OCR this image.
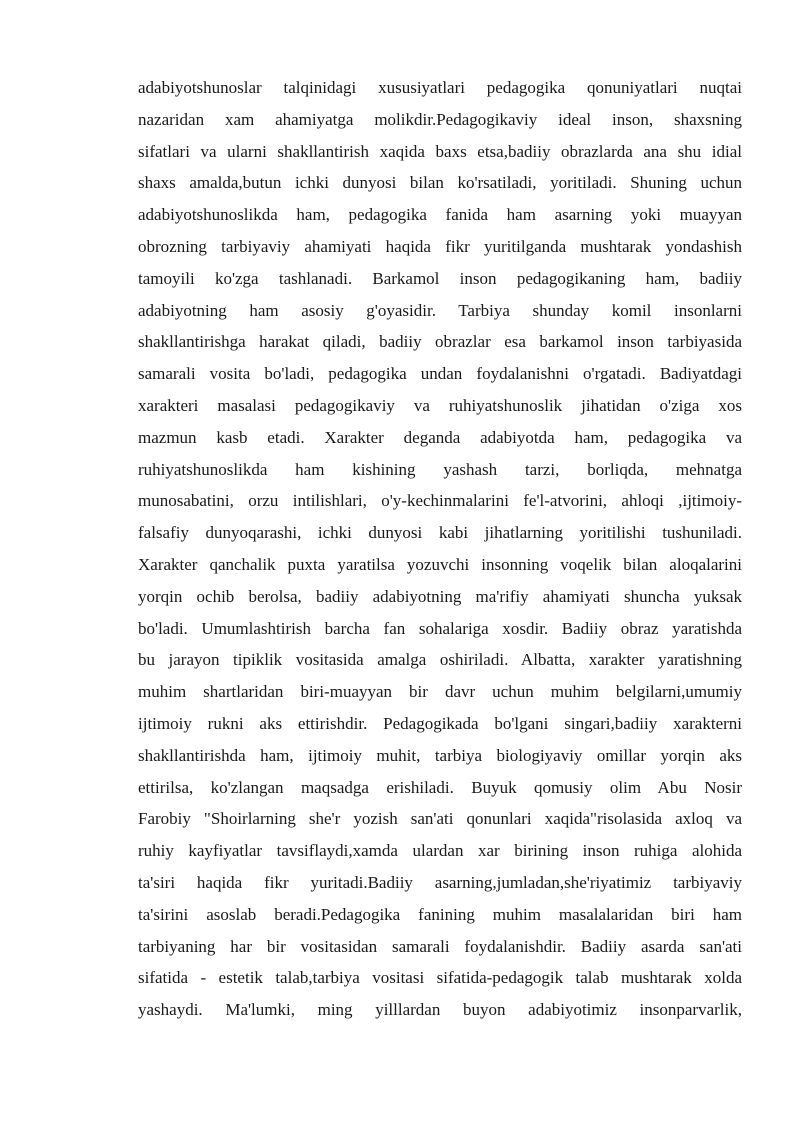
adabiyotshunoslar talqinidagi xususiyatlari pedagogika qonuniyatlari nuqtai
nazaridan xam ahamiyatga molikdir.Pedagogikaviy ideal inson, shaxsning
sifatlari va ularni shakllantirish xaqida baxs etsa,badiiy obrazlarda ana shu idial
shaxs amalda,butun ichki dunyosi bilan ko'rsatiladi, yoritiladi. Shuning uchun
adabiyotshunoslikda ham, pedagogika fanida ham asarning yoki muayyan
obrozning tarbiyaviy ahamiyati haqida fikr yuritilganda mushtarak yondashish
tamoyili ko'zga tashlanadi. Barkamol inson pedagogikaning ham, badiiy
adabiyotning ham asosiy g'oyasidir. Tarbiya shunday komil insonlarni
shakllantirishga harakat qiladi, badiiy obrazlar esa barkamol inson tarbiyasida
samarali vosita bo'ladi, pedagogika undan foydalanishni o'rgatadi. Badiyatdagi
xarakteri masalasi pedagogikaviy va ruhiyatshunoslik jihatidan o'ziga xos
mazmun kasb etadi. Xarakter deganda adabiyotda ham, pedagogika va
ruhiyatshunoslikda ham kishining yashash tarzi, borliqda, mehnatga
munosabatini, orzu intilishlari, o'y-kechinmalarini fe'l-atvorini, ahloqi ,ijtimoiy-
falsafiy dunyoqarashi, ichki dunyosi kabi jihatlarning yoritilishi tushuniladi.
Xarakter qanchalik puxta yaratilsa yozuvchi insonning voqelik bilan aloqalarini
yorqin ochib berolsa, badiiy adabiyotning ma'rifiy ahamiyati shuncha yuksak
bo'ladi. Umumlashtirish barcha fan sohalariga xosdir. Badiiy obraz yaratishda
bu jarayon tipiklik vositasida amalga oshiriladi. Albatta, xarakter yaratishning
muhim shartlaridan biri-muayyan bir davr uchun muhim belgilarni,umumiy
ijtimoiy rukni aks ettirishdir. Pedagogikada bo'lgani singari,badiiy xarakterni
shakllantirishda ham, ijtimoiy muhit, tarbiya biologiyaviy omillar yorqin aks
ettirilsa, ko'zlangan maqsadga erishiladi. Buyuk qomusiy olim Abu Nosir
Farobiy "Shoirlarning she'r yozish san'ati qonunlari xaqida"risolasida axloq va
ruhiy kayfiyatlar tavsiflaydi,xamda ulardan xar birining inson ruhiga alohida
ta'siri haqida fikr yuritadi.Badiiy asarning,jumladan,she'riyatimiz tarbiyaviy
ta'sirini asoslab beradi.Pedagogika fanining muhim masalalaridan biri ham
tarbiyaning har bir vositasidan samarali foydalanishdir. Badiiy asarda san'ati
sifatida - estetik talab,tarbiya vositasi sifatida-pedagogik talab mushtarak xolda
yashaydi. Ma'lumki, ming yilllardan buyon adabiyotimiz insonparvarlik,
